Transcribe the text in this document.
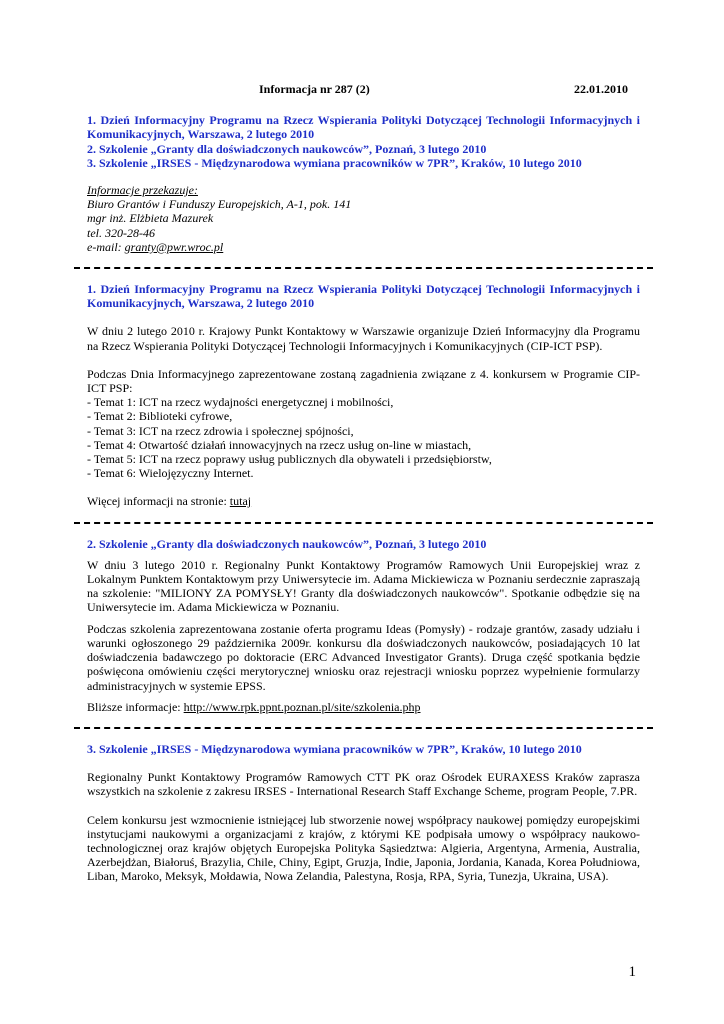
Informacja nr 287 (2)	22.01.2010
1. Dzień Informacyjny Programu na Rzecz Wspierania Polityki Dotyczącej Technologii Informacyjnych i Komunikacyjnych, Warszawa, 2 lutego 2010
2. Szkolenie „Granty dla doświadczonych naukowców”, Poznań, 3 lutego 2010
3. Szkolenie „IRSES - Międzynarodowa wymiana pracowników w 7PR”, Kraków, 10 lutego 2010
Informacje przekazuje:
Biuro Grantów i Funduszy Europejskich, A-1, pok. 141
mgr inż. Elżbieta Mazurek
tel. 320-28-46
e-mail: granty@pwr.wroc.pl

1. Dzień Informacyjny Programu na Rzecz Wspierania Polityki Dotyczącej Technologii Informacyjnych i Komunikacyjnych, Warszawa, 2 lutego 2010

W dniu 2 lutego 2010 r. Krajowy Punkt Kontaktowy w Warszawie organizuje Dzień Informacyjny dla Programu na Rzecz Wspierania Polityki Dotyczącej Technologii Informacyjnych i Komunikacyjnych (CIP-ICT PSP).

Podczas Dnia Informacyjnego zaprezentowane zostaną zagadnienia związane z 4. konkursem w Programie CIP-ICT PSP:

- Temat 1: ICT na rzecz wydajności energetycznej i mobilności,
- Temat 2: Biblioteki cyfrowe,
- Temat 3: ICT na rzecz zdrowia i społecznej spójności,
- Temat 4: Otwartość działań innowacyjnych na rzecz usług on-line w miastach,
- Temat 5: ICT na rzecz poprawy usług publicznych dla obywateli i przedsiębiorstw,
- Temat 6: Wielojęzyczny Internet.

Więcej informacji na stronie: tutaj

2. Szkolenie „Granty dla doświadczonych naukowców”, Poznań, 3 lutego 2010

W dniu 3 lutego 2010 r. Regionalny Punkt Kontaktowy Programów Ramowych Unii Europejskiej wraz z Lokalnym Punktem Kontaktowym przy Uniwersytecie im. Adama Mickiewicza w Poznaniu serdecznie zapraszają na szkolenie: "MILIONY ZA POMYSŁY! Granty dla doświadczonych naukowców". Spotkanie odbędzie się na Uniwersytecie im. Adama Mickiewicza w Poznaniu.

Podczas szkolenia zaprezentowana zostanie oferta programu Ideas (Pomysły) - rodzaje grantów, zasady udziału i warunki ogłoszonego 29 października 2009r. konkursu dla doświadczonych naukowców, posiadających 10 lat doświadczenia badawczego po doktoracie (ERC Advanced Investigator Grants). Druga część spotkania będzie poświęcona omówieniu części merytorycznej wniosku oraz rejestracji wniosku poprzez wypełnienie formularzy administracyjnych w systemie EPSS.

Bliższe informacje: http://www.rpk.ppnt.poznan.pl/site/szkolenia.php

3. Szkolenie „IRSES - Międzynarodowa wymiana pracowników w 7PR”, Kraków, 10 lutego 2010

Regionalny Punkt Kontaktowy Programów Ramowych CTT PK oraz Ośrodek EURAXESS Kraków zaprasza wszystkich na szkolenie z zakresu IRSES - International Research Staff Exchange Scheme, program People, 7.PR.

Celem konkursu jest wzmocnienie istniejącej lub stworzenie nowej współpracy naukowej pomiędzy europejskimi instytucjami naukowymi a organizacjami z krajów, z którymi KE podpisała umowy o współpracy naukowo-technologicznej oraz krajów objętych Europejska Polityka Sąsiedztwa: Algieria, Argentyna, Armenia, Australia, Azerbejdżan, Białoruś, Brazylia, Chile, Chiny, Egipt, Gruzja, Indie, Japonia, Jordania, Kanada, Korea Południowa, Liban, Maroko, Meksyk, Mołdawia, Nowa Zelandia, Palestyna, Rosja, RPA, Syria, Tunezja, Ukraina, USA).

1
